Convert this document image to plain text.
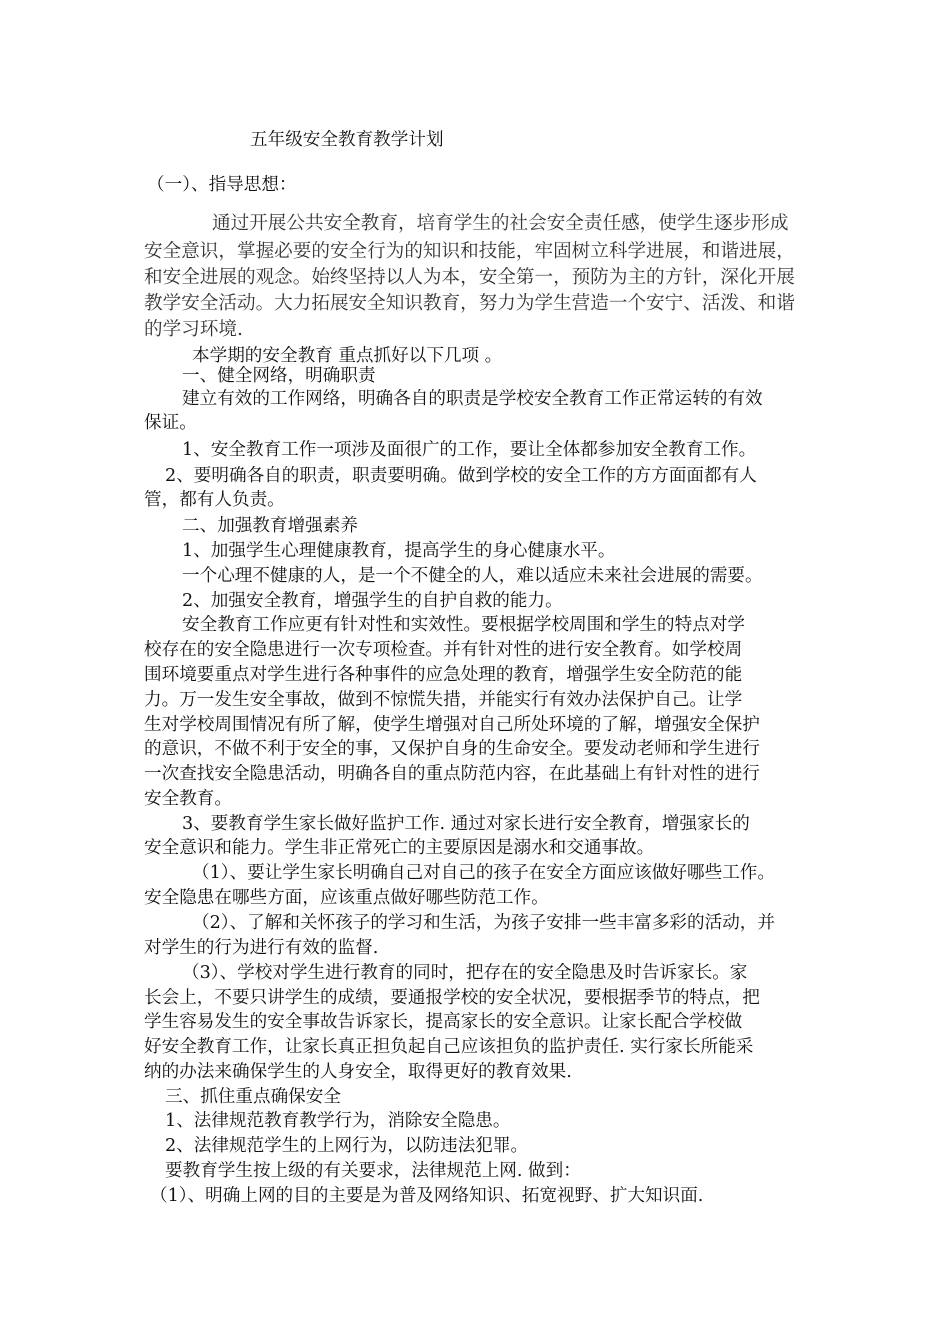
五年级安全教育教学计划
（一）、指导思想：
通过开展公共安全教育，培育学生的社会安全责任感，使学生逐步形成
安全意识，掌握必要的安全行为的知识和技能，牢固树立科学进展，和谐进展，
和安全进展的观念。始终坚持以人为本，安全第一，预防为主的方针，深化开展
教学安全活动。大力拓展安全知识教育，努力为学生营造一个安宁、活泼、和谐
的学习环境.
本学期的安全教育 重点抓好以下几项 。
一、健全网络，明确职责
建立有效的工作网络，明确各自的职责是学校安全教育工作正常运转的有效
保证。
1、安全教育工作一项涉及面很广的工作，要让全体都参加安全教育工作。
2、要明确各自的职责，职责要明确。做到学校的安全工作的方方面面都有人
管，都有人负责。
二、加强教育增强素养
1、加强学生心理健康教育，提高学生的身心健康水平。
一个心理不健康的人，是一个不健全的人，难以适应未来社会进展的需要。
2、加强安全教育，增强学生的自护自救的能力。
安全教育工作应更有针对性和实效性。要根据学校周围和学生的特点对学
校存在的安全隐患进行一次专项检查。并有针对性的进行安全教育。如学校周
围环境要重点对学生进行各种事件的应急处理的教育，增强学生安全防范的能
力。万一发生安全事故，做到不惊慌失措，并能实行有效办法保护自己。让学
生对学校周围情况有所了解，使学生增强对自己所处环境的了解，增强安全保护
的意识，不做不利于安全的事，又保护自身的生命安全。要发动老师和学生进行
一次查找安全隐患活动，明确各自的重点防范内容，在此基础上有针对性的进行
安全教育。
3、要教育学生家长做好监护工作. 通过对家长进行安全教育，增强家长的
安全意识和能力。学生非正常死亡的主要原因是溺水和交通事故。
（1）、要让学生家长明确自己对自己的孩子在安全方面应该做好哪些工作。
安全隐患在哪些方面，应该重点做好哪些防范工作。
（2）、了解和关怀孩子的学习和生活，为孩子安排一些丰富多彩的活动，并
对学生的行为进行有效的监督.
（3）、学校对学生进行教育的同时，把存在的安全隐患及时告诉家长。家
长会上，不要只讲学生的成绩，要通报学校的安全状况，要根据季节的特点，把
学生容易发生的安全事故告诉家长，提高家长的安全意识。让家长配合学校做
好安全教育工作，让家长真正担负起自己应该担负的监护责任. 实行家长所能采
纳的办法来确保学生的人身安全，取得更好的教育效果.
三、抓住重点确保安全
1、法律规范教育教学行为，消除安全隐患。
2、法律规范学生的上网行为，以防违法犯罪。
要教育学生按上级的有关要求，法律规范上网. 做到：
（1）、明确上网的目的主要是为普及网络知识、拓宽视野、扩大知识面.
